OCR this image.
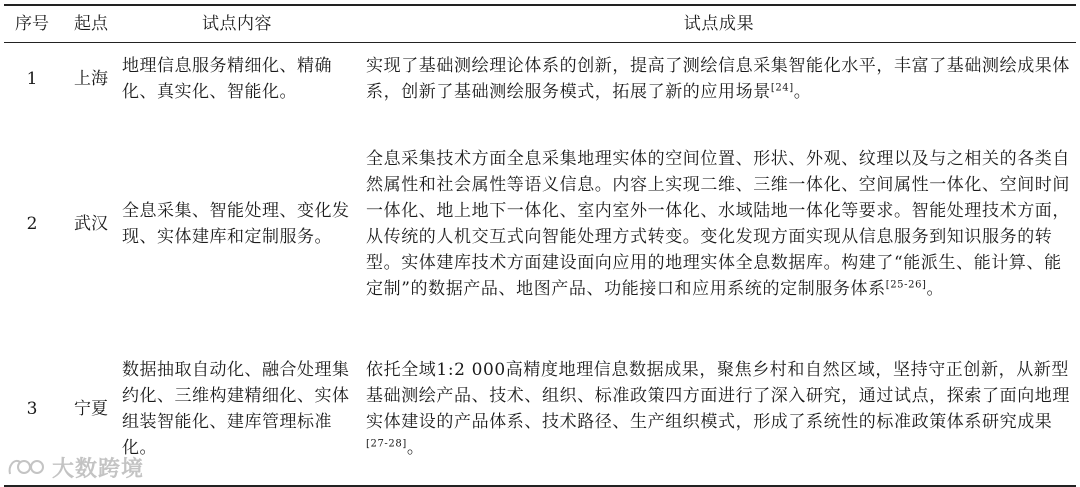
序号	起点	试点内容	试点成果
1	上海	地理信息服务精细化、精确化、真实化、智能化。	实现了基础测绘理论体系的创新，提高了测绘信息采集智能化水平，丰富了基础测绘成果体系，创新了基础测绘服务模式，拓展了新的应用场景[24]。
2	武汉	全息采集、智能处理、变化发现、实体建库和定制服务。	全息采集技术方面全息采集地理实体的空间位置、形状、外观、纹理以及与之相关的各类自然属性和社会属性等语义信息。内容上实现二维、三维一体化、空间属性一体化、空间时间一体化、地上地下一体化、室内室外一体化、水域陆地一体化等要求。智能处理技术方面，从传统的人机交互式向智能处理方式转变。变化发现方面实现从信息服务到知识服务的转型。实体建库技术方面建设面向应用的地理实体全息数据库。构建了“能派生、能计算、能定制”的数据产品、地图产品、功能接口和应用系统的定制服务体系[25-26]。
3	宁夏	数据抽取自动化、融合处理集约化、三维构建精细化、实体组装智能化、建库管理标准化。	依托全域1:2 000高精度地理信息数据成果，聚焦乡村和自然区域，坚持守正创新，从新型基础测绘产品、技术、组织、标准政策四方面进行了深入研究，通过试点，探索了面向地理实体建设的产品体系、技术路径、生产组织模式，形成了系统性的标准政策体系研究成果[27-28]。
大数跨境
